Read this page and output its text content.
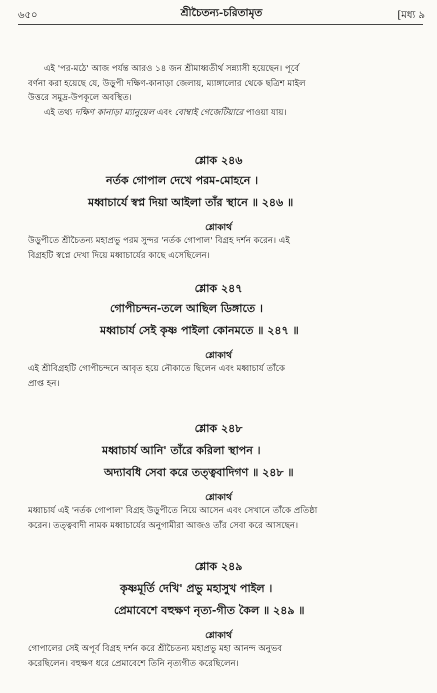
৬৫০	শ্রীচৈতন্য-চরিতামৃত	[মধ্য ৯
এই 'পর-মঠে' আজ পর্যন্ত আরও ১৪ জন শ্রীমাধ্বতীর্থ সন্ন্যাসী হয়েছেন। পূর্বে
বর্ণনা করা হয়েছে যে, উড়ুপী দক্ষিণ-কানাড়া জেলায়, ম্যাঙ্গালোর থেকে ছত্রিশ মাইল
উত্তরে সমুদ্র-উপকূলে অবস্থিত।
এই তথ্য দক্ষিণ কানাড়া ম্যানুয়েল এবং বোম্বাই গেজেটিয়ারে পাওয়া যায়।
শ্লোক ২৪৬
নর্তক গোপাল দেখে পরম-মোহনে ।
মধ্বাচার্যে স্বপ্ন দিয়া আইলা তাঁর স্থানে ॥ ২৪৬ ॥
শ্লোকার্থ
উড়ুপীতে শ্রীচৈতন্য মহাপ্রভু পরম সুন্দর 'নর্তক গোপাল' বিগ্রহ দর্শন করেন। এই
বিগ্রহটি স্বপ্নে দেখা দিয়ে মধ্বাচার্যের কাছে এসেছিলেন।
শ্লোক ২৪৭
গোপীচন্দন-তলে আছিল ডিঙ্গাতে ।
মধ্বাচার্য সেই কৃষ্ণ পাইলা কোনমতে ॥ ২৪৭ ॥
শ্লোকার্থ
এই শ্রীবিগ্রহটি গোপীচন্দনে আবৃত হয়ে নৌকাতে ছিলেন এবং মধ্বাচার্য তাঁকে
প্রাপ্ত হন।
শ্লোক ২৪৮
মধ্বাচার্য আনি' তাঁরে করিলা স্থাপন ।
অদ্যাবধি সেবা করে তত্ত্ববাদিগণ ॥ ২৪৮ ॥
শ্লোকার্থ
মধ্বাচার্য এই 'নর্তক গোপাল' বিগ্রহ উড়ুপীতে নিয়ে আসেন এবং সেখানে তাঁকে প্রতিষ্ঠা
করেন। তত্ত্ববাদী নামক মধ্বাচার্যের অনুগামীরা আজও তাঁর সেবা করে আসছেন।
শ্লোক ২৪৯
কৃষ্ণমূর্তি দেখি' প্রভু মহাসুখ পাইল ।
প্রেমাবেশে বহুক্ষণ নৃত্য-গীত কৈল ॥ ২৪৯ ॥
শ্লোকার্থ
গোপালের সেই অপূর্ব বিগ্রহ দর্শন করে শ্রীচৈতন্য মহাপ্রভু মহা আনন্দ অনুভব
করেছিলেন। বহুক্ষণ ধরে প্রেমাবেশে তিনি নৃত্যগীত করেছিলেন।
